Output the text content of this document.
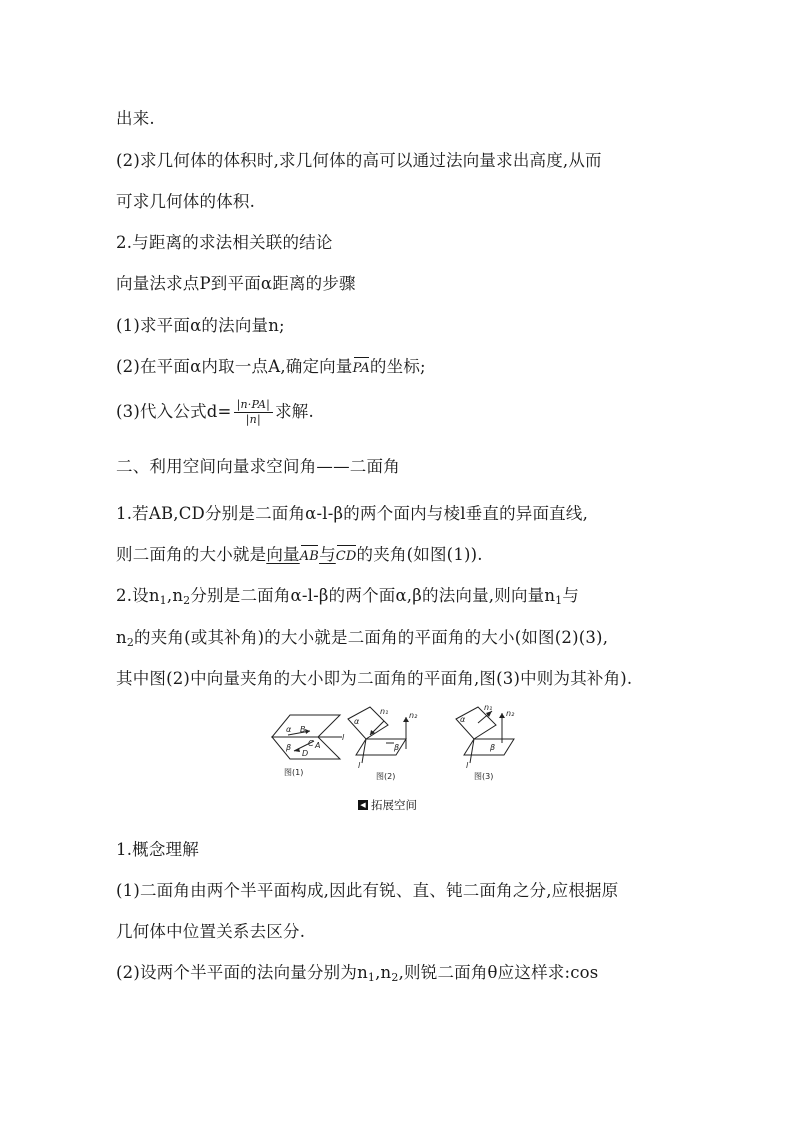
出来.
(2)求几何体的体积时,求几何体的高可以通过法向量求出高度,从而
可求几何体的体积.
2.与距离的求法相关联的结论
向量法求点P到平面α距离的步骤
(1)求平面α的法向量n;
(2)在平面α内取一点A,确定向量PA的坐标;
(3)代入公式$d= \frac{|n\cdot PA|}{|n|}$ 求解.
二、利用空间向量求空间角——二面角
1.若AB,CD分别是二面角α-l-β的两个面内与棱l垂直的异面直线,
则二面角的大小就是向量AB与CD的夹角(如图(1)).
2.设$n_1,n_2$分别是二面角α-l-β的两个面α,β的法向量,则向量$n_1$与
$n_2$的夹角(或其补角)的大小就是二面角的平面角的大小(如图(2)(3),
其中图(2)中向量夹角的大小即为二面角的平面角,图(3)中则为其补角).
α
β
l
B
C A
D
图(1)
α
n₁	n₂
β
l
图(2)
α
n₁
n₂
β
l
图(3)
◀ 拓展空间
1.概念理解
(1)二面角由两个半平面构成,因此有锐、直、钝二面角之分,应根据原
几何体中位置关系去区分.
(2)设两个半平面的法向量分别为$n_1,n_2$,则锐二面角θ应这样求:cos
